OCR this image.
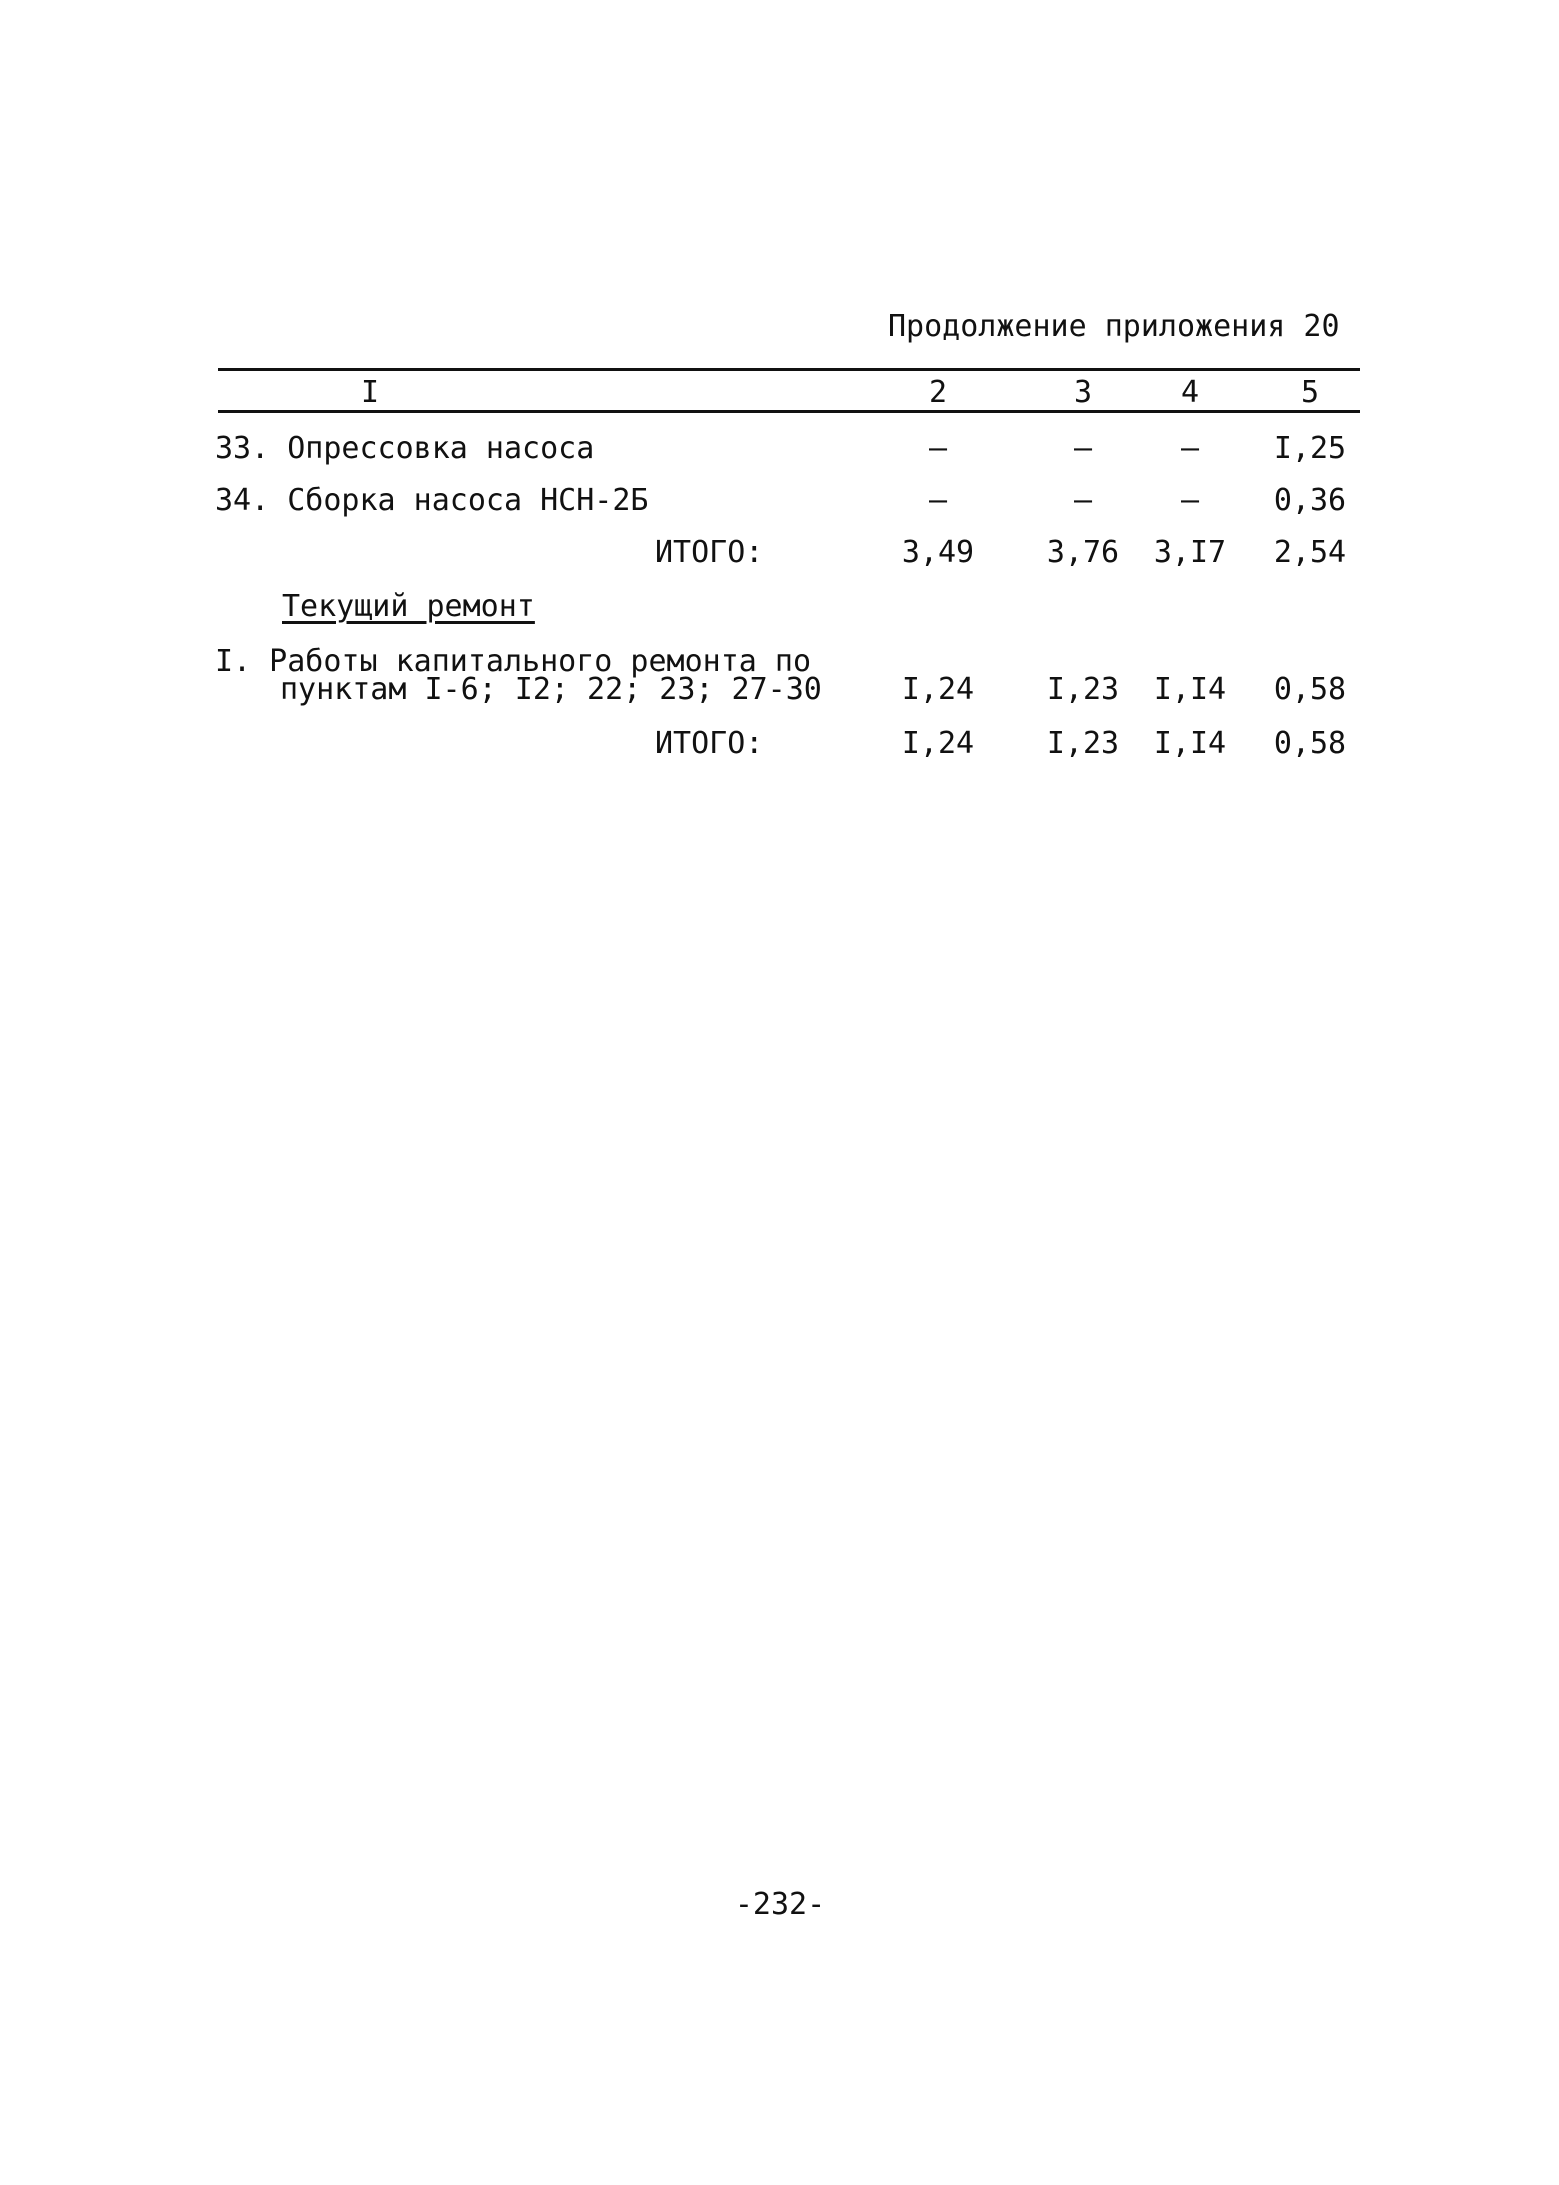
Продолжение приложения 20
I	2	3	4	5
33. Опрессовка насоса	–	–	–	I,25
34. Сборка насоса НСН-2Б	–	–	–	0,36
ИТОГО:	3,49	3,76	3,I7	2,54
Текущий ремонт
I. Работы капитального ремонта по
пунктам I-6; I2; 22; 23; 27-30	I,24	I,23	I,I4	0,58
ИТОГО:	I,24	I,23	I,I4	0,58
-232-
